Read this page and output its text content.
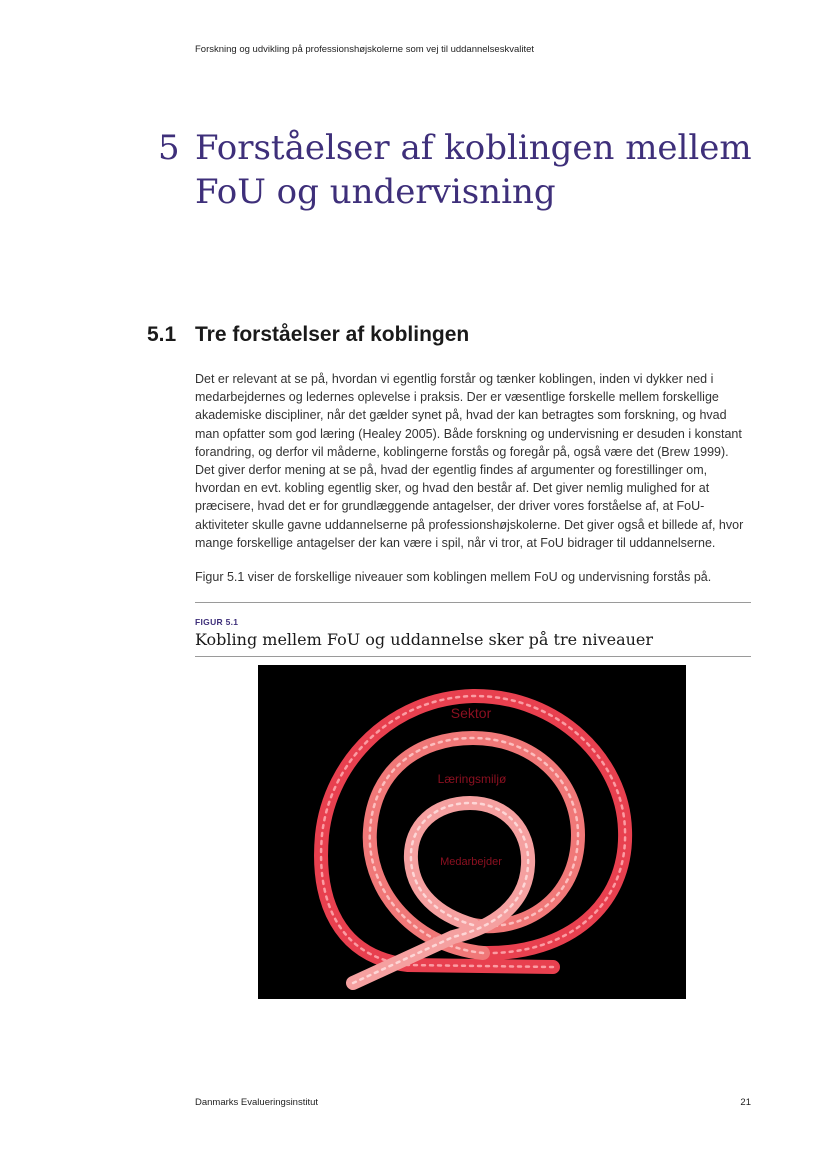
Forskning og udvikling på professionshøjskolerne som vej til uddannelseskvalitet
5 Forståelser af koblingen mellem FoU og undervisning
5.1 Tre forståelser af koblingen

Det er relevant at se på, hvordan vi egentlig forstår og tænker koblingen, inden vi dykker ned i medarbejdernes og ledernes oplevelse i praksis. Der er væsentlige forskelle mellem forskellige akademiske discipliner, når det gælder synet på, hvad der kan betragtes som forskning, og hvad man opfatter som god læring (Healey 2005). Både forskning og undervisning er desuden i konstant forandring, og derfor vil måderne, koblingerne forstås og foregår på, også være det (Brew 1999). Det giver derfor mening at se på, hvad der egentlig findes af argumenter og forestillinger om, hvordan en evt. kobling egentlig sker, og hvad den består af. Det giver nemlig mulighed for at præcisere, hvad det er for grundlæggende antagelser, der driver vores forståelse af, at FoU-aktiviteter skulle gavne uddannelserne på professionshøjskolerne. Det giver også et billede af, hvor mange forskellige antagelser der kan være i spil, når vi tror, at FoU bidrager til uddannelserne.

Figur 5.1 viser de forskellige niveauer som koblingen mellem FoU og undervisning forstås på.

FIGUR 5.1
Kobling mellem FoU og uddannelse sker på tre niveauer
Sektor
Læringsmiljø
Medarbejder
Danmarks Evalueringsinstitut	21
